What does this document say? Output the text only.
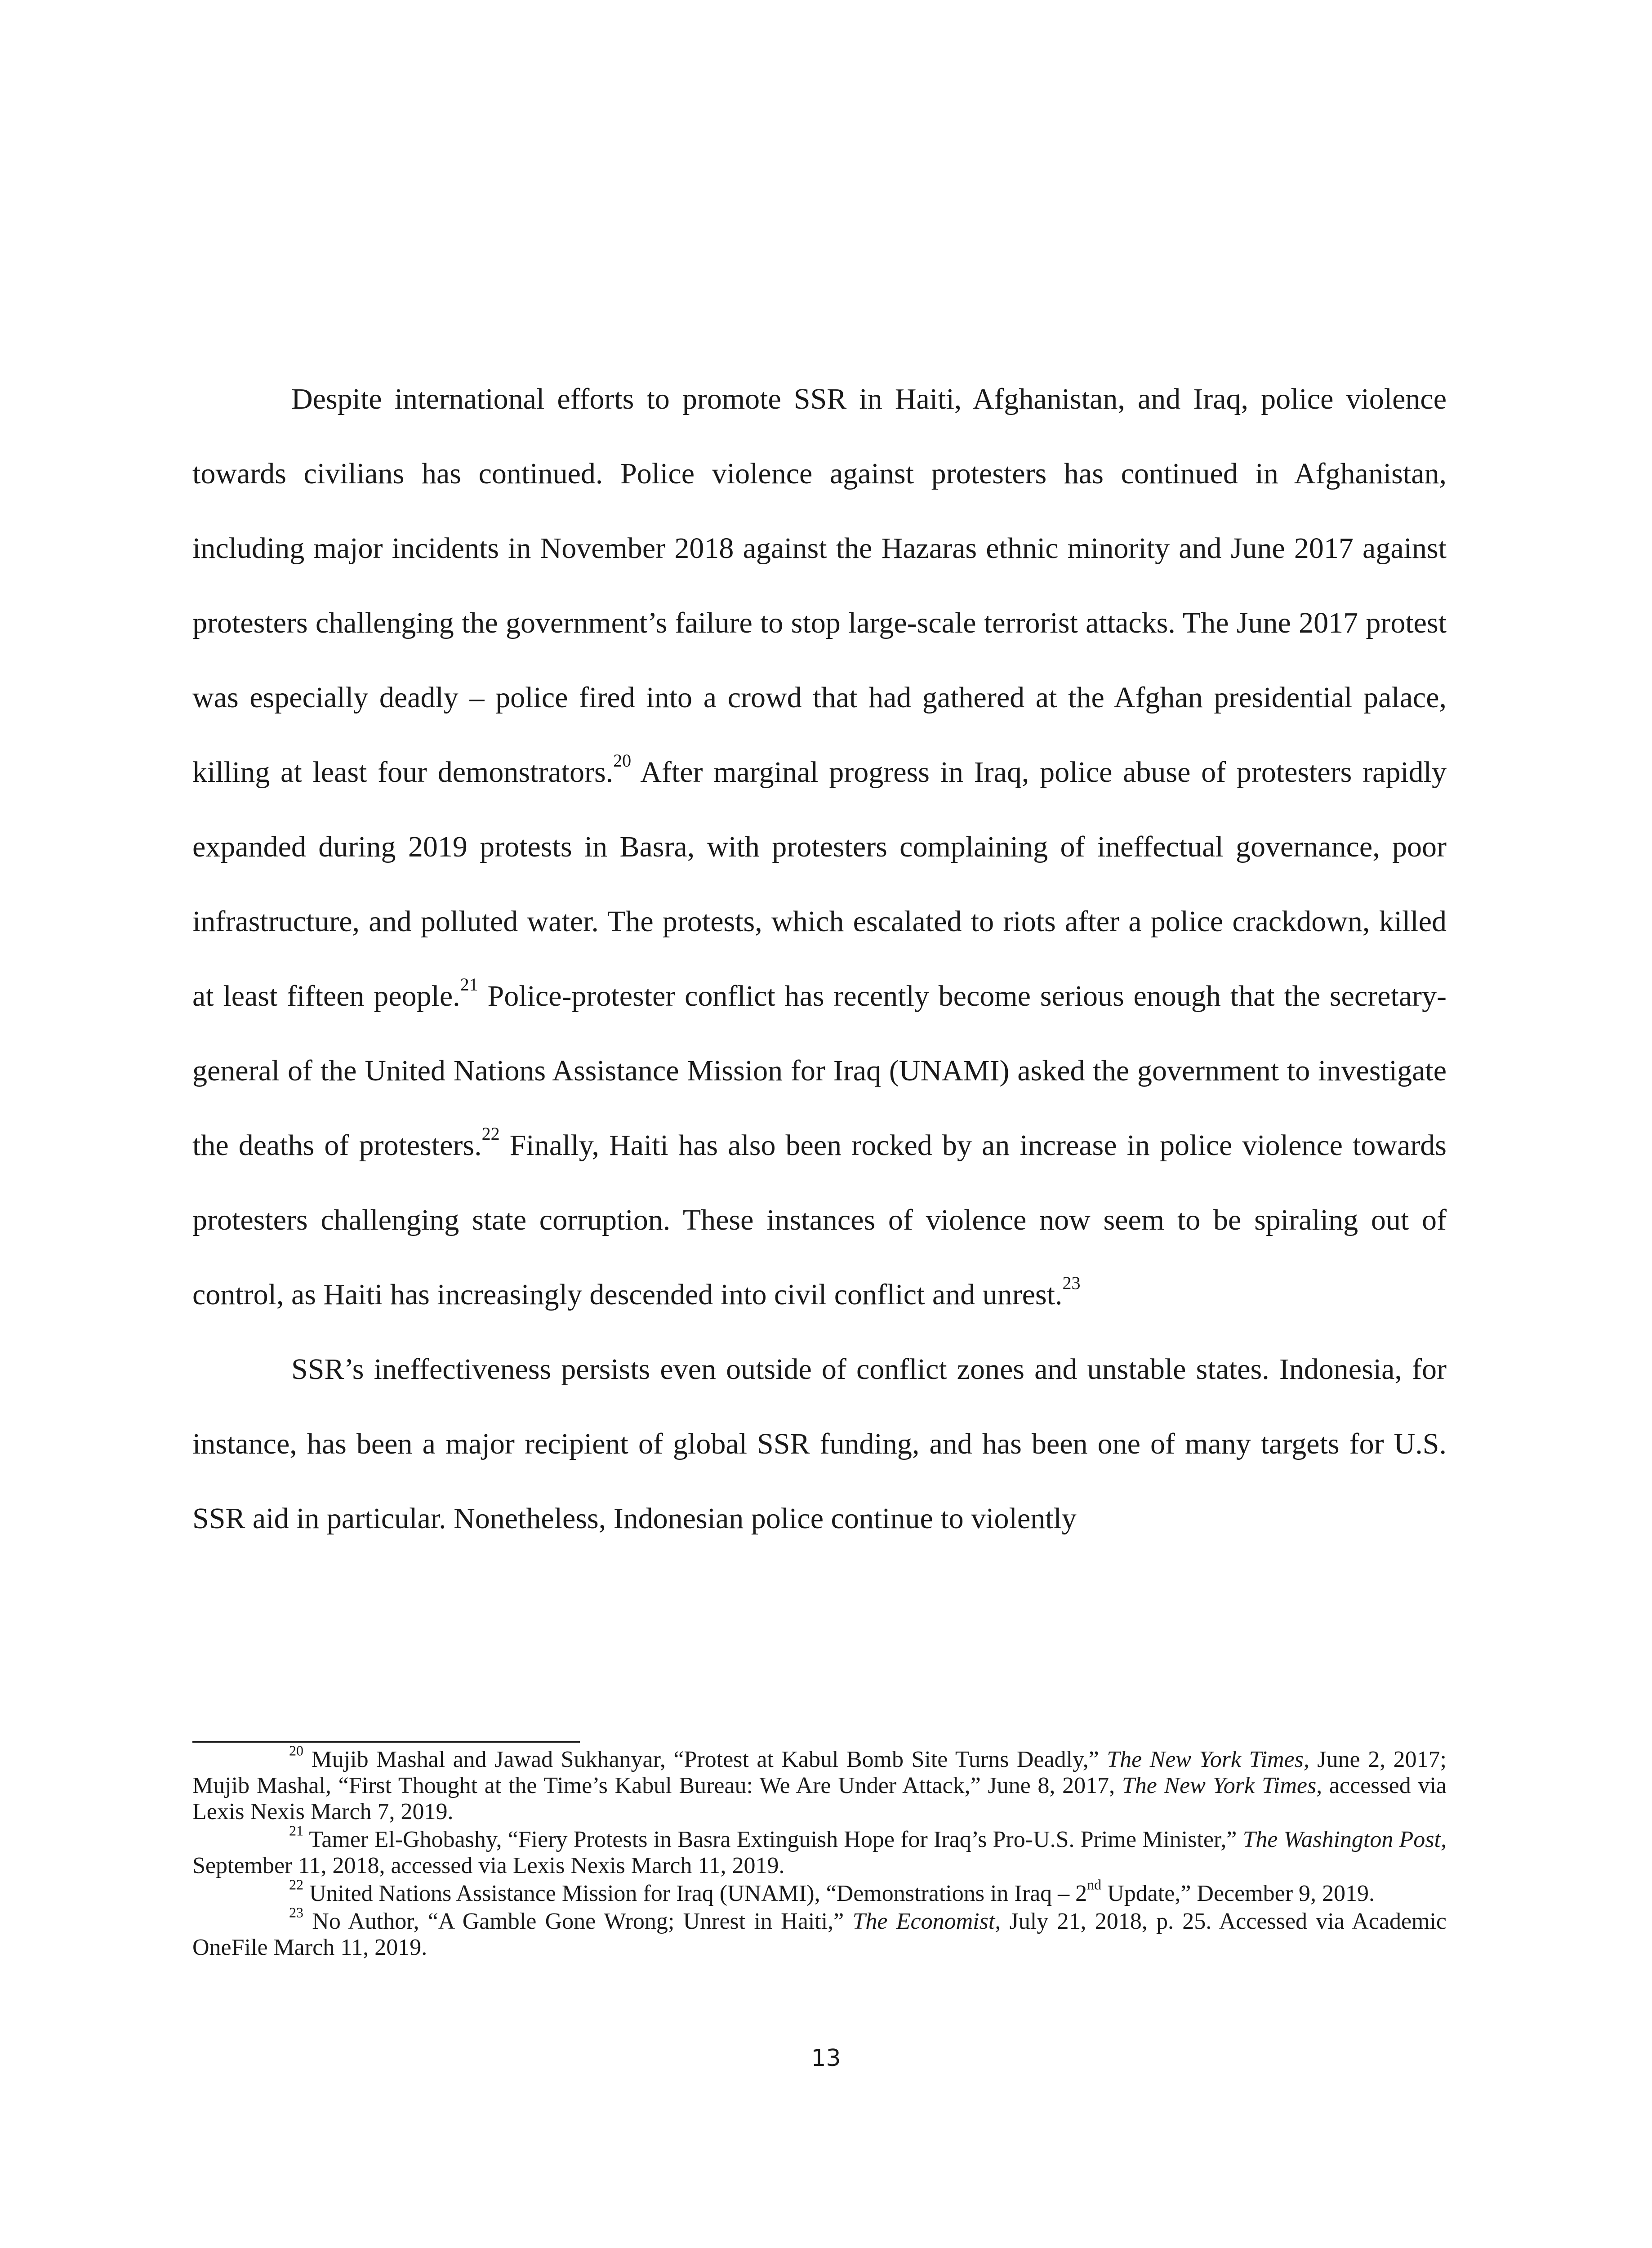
Despite international efforts to promote SSR in Haiti, Afghanistan, and Iraq, police violence towards civilians has continued. Police violence against protesters has continued in Afghanistan, including major incidents in November 2018 against the Hazaras ethnic minority and June 2017 against protesters challenging the government’s failure to stop large-scale terrorist attacks. The June 2017 protest was especially deadly – police fired into a crowd that had gathered at the Afghan presidential palace, killing at least four demonstrators.$^{20}$ After marginal progress in Iraq, police abuse of protesters rapidly expanded during 2019 protests in Basra, with protesters complaining of ineffectual governance, poor infrastructure, and polluted water. The protests, which escalated to riots after a police crackdown, killed at least fifteen people.$^{21}$ Police-protester conflict has recently become serious enough that the secretary-general of the United Nations Assistance Mission for Iraq (UNAMI) asked the government to investigate the deaths of protesters.$^{22}$ Finally, Haiti has also been rocked by an increase in police violence towards protesters challenging state corruption. These instances of violence now seem to be spiraling out of control, as Haiti has increasingly descended into civil conflict and unrest.$^{23}$

SSR’s ineffectiveness persists even outside of conflict zones and unstable states. Indonesia, for instance, has been a major recipient of global SSR funding, and has been one of many targets for U.S. SSR aid in particular. Nonetheless, Indonesian police continue to violently

$^{20}$ Mujib Mashal and Jawad Sukhanyar, “Protest at Kabul Bomb Site Turns Deadly,” The New York Times, June 2, 2017; Mujib Mashal, “First Thought at the Time’s Kabul Bureau: We Are Under Attack,” June 8, 2017, The New York Times, accessed via Lexis Nexis March 7, 2019.

$^{21}$ Tamer El-Ghobashy, “Fiery Protests in Basra Extinguish Hope for Iraq’s Pro-U.S. Prime Minister,” The Washington Post, September 11, 2018, accessed via Lexis Nexis March 11, 2019.

$^{22}$ United Nations Assistance Mission for Iraq (UNAMI), “Demonstrations in Iraq – 2nd Update,” December 9, 2019.

$^{23}$ No Author, “A Gamble Gone Wrong; Unrest in Haiti,” The Economist, July 21, 2018, p. 25. Accessed via Academic OneFile March 11, 2019.

13
